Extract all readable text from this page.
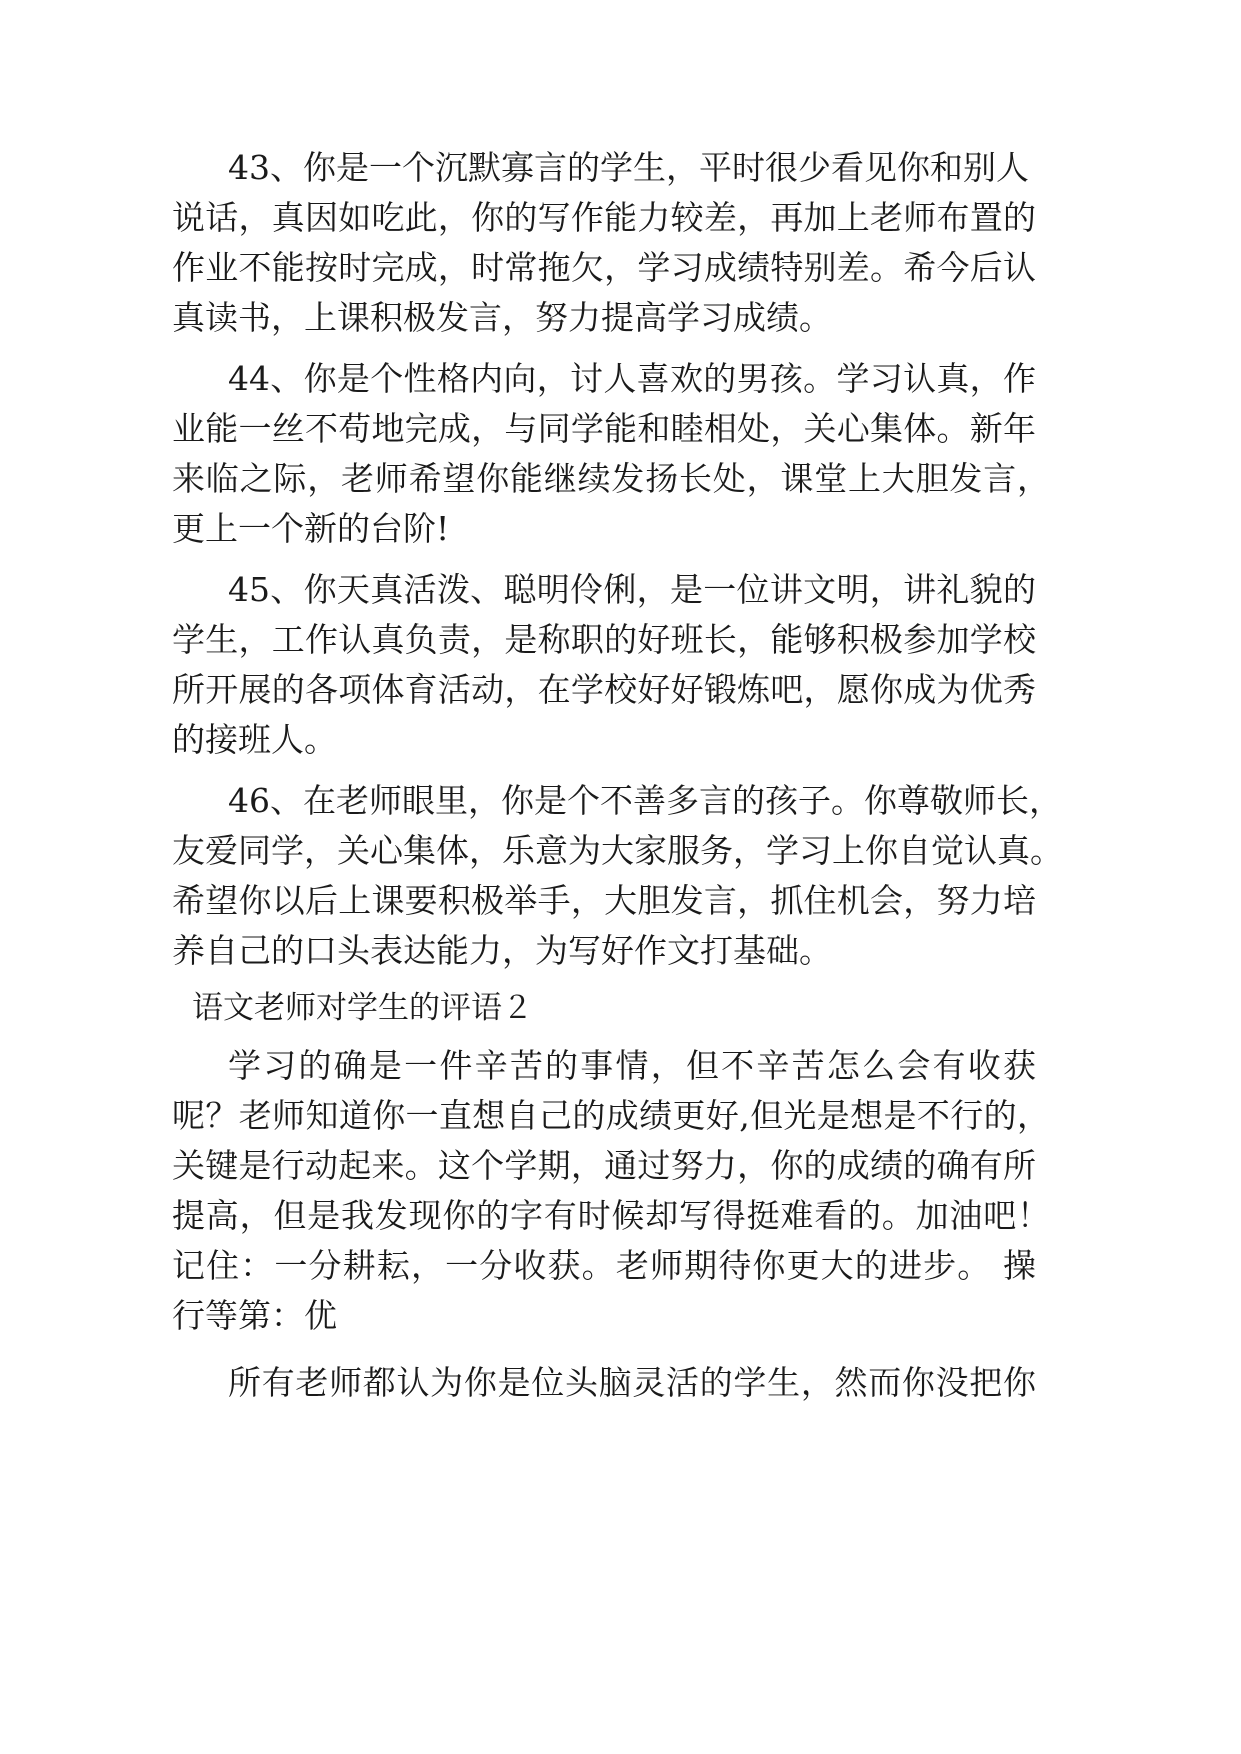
43、你是一个沉默寡言的学生，平时很少看见你和别人
说话，真因如吃此，你的写作能力较差，再加上老师布置的
作业不能按时完成，时常拖欠，学习成绩特别差。希今后认
真读书，上课积极发言，努力提高学习成绩。
44、你是个性格内向，讨人喜欢的男孩。学习认真，作
业能一丝不苟地完成，与同学能和睦相处，关心集体。新年
来临之际，老师希望你能继续发扬长处，课堂上大胆发言，
更上一个新的台阶!
45、你天真活泼、聪明伶俐，是一位讲文明，讲礼貌的
学生，工作认真负责，是称职的好班长，能够积极参加学校
所开展的各项体育活动，在学校好好锻炼吧，愿你成为优秀
的接班人。
46、在老师眼里，你是个不善多言的孩子。你尊敬师长，
友爱同学，关心集体，乐意为大家服务，学习上你自觉认真。
希望你以后上课要积极举手，大胆发言，抓住机会，努力培
养自己的口头表达能力，为写好作文打基础。
语文老师对学生的评语２
学习的确是一件辛苦的事情，但不辛苦怎么会有收获
呢？老师知道你一直想自己的成绩更好,但光是想是不行的，
关键是行动起来。这个学期，通过努力，你的成绩的确有所
提高，但是我发现你的字有时候却写得挺难看的。加油吧！
记住：一分耕耘，一分收获。老师期待你更大的进步。 操
行等第：优
所有老师都认为你是位头脑灵活的学生，然而你没把你
